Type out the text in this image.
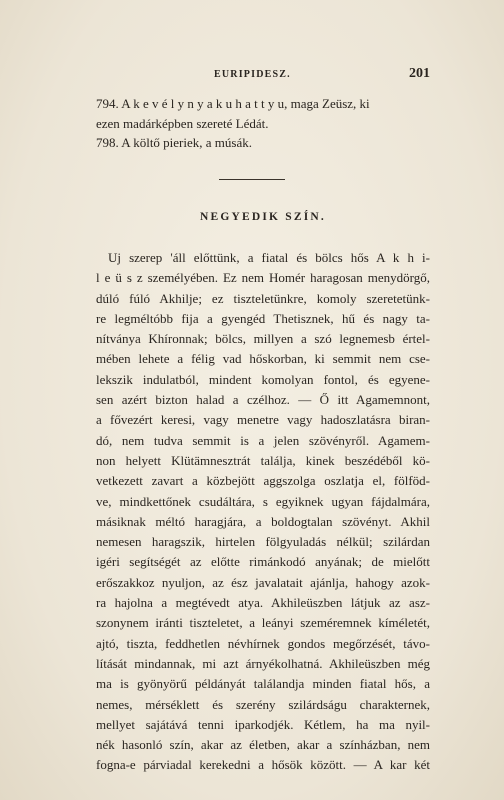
EURIPIDESZ.	201

794. A k e v é l y n y a k u h a t t y u, maga Zeüsz, ki

ezen madárképben szereté Lédát.

798. A költő pieriek, a músák.

NEGYEDIK SZÍN.
Uj szerep 'áll előttünk, a fiatal és bölcs hős A k h i-
l e ü s z személyében. Ez nem Homér haragosan menydörgő,
dúló fúló Akhilje; ez tiszteletünkre, komoly szeretetünk-
re legméltóbb fija a gyengéd Thetisznek, hű és nagy ta-
nítványa Khíronnak; bölcs, millyen a szó legnemesb értel-
mében lehete a félig vad hőskorban, ki semmit nem cse-
lekszik indulatból, mindent komolyan fontol, és egyene-
sen azért bizton halad a czélhoz. — Ő itt Agamemnont,
a fővezért keresi, vagy menetre vagy hadoszlatásra biran-
dó, nem tudva semmit is a jelen szövényről. Agamem-
non helyett Klütämnesztrát találja, kinek beszédéből kö-
vetkezett zavart a közbejött aggszolga oszlatja el, fölföd-
ve, mindkettőnek csudáltára, s egyiknek ugyan fájdalmára,
másiknak méltó haragjára, a boldogtalan szövényt. Akhil
nemesen haragszik, hirtelen fölgyuladás nélkül; szilárdan
igéri segítségét az előtte rimánkodó anyának; de mielőtt
erőszakkoz nyuljon, az ész javalatait ajánlja, hahogy azok-
ra hajolna a megtévedt atya. Akhileüszben látjuk az asz-
szonynem iránti tiszteletet, a leányi szeméremnek kíméletét,
ajtó, tiszta, feddhetlen névhírnek gondos megőrzését, távo-
lítását mindannak, mi azt árnyékolhatná. Akhileüszben még
ma is gyönyörű példányát találandja minden fiatal hős, a
nemes, mérséklett és szerény szilárdságu charakternek,
mellyet sajátává tenni iparkodjék. Kétlem, ha ma nyil-
nék hasonló szín, akar az életben, akar a színházban, nem
fogna-e párviadal kerekedni a hősök között. — A kar két
